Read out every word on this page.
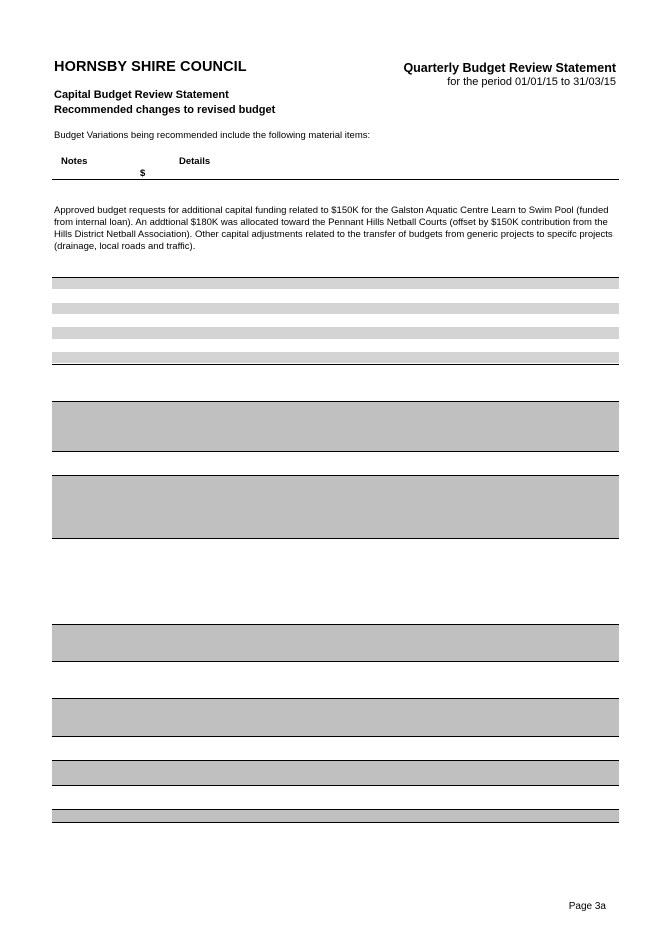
HORNSBY SHIRE COUNCIL	Quarterly Budget Review Statement
for the period 01/01/15 to 31/03/15
Capital Budget Review Statement
Recommended changes to revised budget
Budget Variations being recommended include the following material items:
Notes	Details
$
Approved budget requests for additional capital funding related to $150K for the Galston Aquatic Centre Learn to Swim Pool (funded from internal loan). An addtional $180K was allocated toward the Pennant Hills Netball Courts (offset by $150K contribution from the Hills District Netball Association). Other capital adjustments related to the transfer of budgets from generic projects to specifc projects (drainage, local roads and traffic).
Page 3a
